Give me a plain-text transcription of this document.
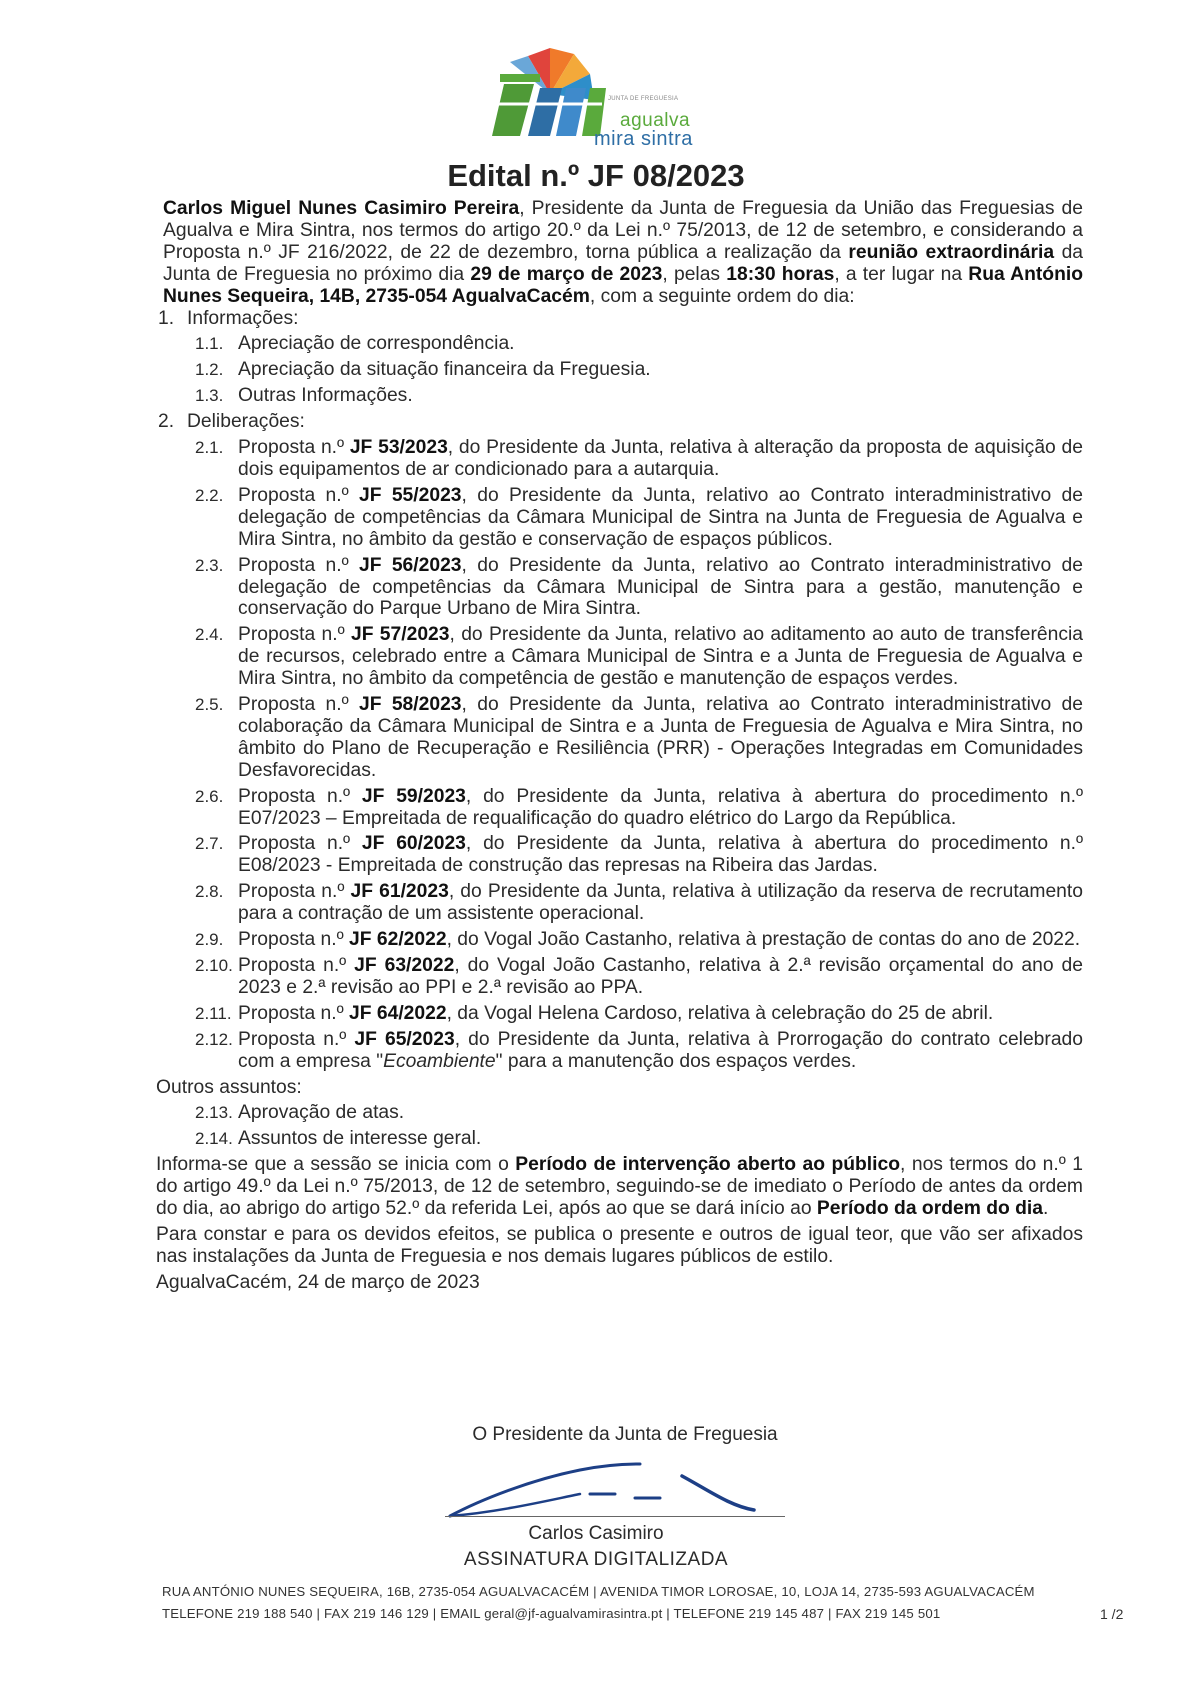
JUNTA DE FREGUESIA
agualva
mira sintra
Edital n.º JF 08/2023

Carlos Miguel Nunes Casimiro Pereira, Presidente da Junta de Freguesia da União das Freguesias de Agualva e Mira Sintra, nos termos do artigo 20.º da Lei n.º 75/2013, de 12 de setembro, e considerando a Proposta n.º JF 216/2022, de 22 de dezembro, torna pública a realização da reunião extraordinária da Junta de Freguesia no próximo dia 29 de março de 2023, pelas 18:30 horas, a ter lugar na Rua António Nunes Sequeira, 14B, 2735-054 AgualvaCacém, com a seguinte ordem do dia:

1. Informações:
1.1. Apreciação de correspondência.
1.2. Apreciação da situação financeira da Freguesia.
1.3. Outras Informações.
2. Deliberações:
2.1. Proposta n.º JF 53/2023, do Presidente da Junta, relativa à alteração da proposta de aquisição de dois equipamentos de ar condicionado para a autarquia.
2.2. Proposta n.º JF 55/2023, do Presidente da Junta, relativo ao Contrato interadministrativo de delegação de competências da Câmara Municipal de Sintra na Junta de Freguesia de Agualva e Mira Sintra, no âmbito da gestão e conservação de espaços públicos.
2.3. Proposta n.º JF 56/2023, do Presidente da Junta, relativo ao Contrato interadministrativo de delegação de competências da Câmara Municipal de Sintra para a gestão, manutenção e conservação do Parque Urbano de Mira Sintra.
2.4. Proposta n.º JF 57/2023, do Presidente da Junta, relativo ao aditamento ao auto de transferência de recursos, celebrado entre a Câmara Municipal de Sintra e a Junta de Freguesia de Agualva e Mira Sintra, no âmbito da competência de gestão e manutenção de espaços verdes.
2.5. Proposta n.º JF 58/2023, do Presidente da Junta, relativa ao Contrato interadministrativo de colaboração da Câmara Municipal de Sintra e a Junta de Freguesia de Agualva e Mira Sintra, no âmbito do Plano de Recuperação e Resiliência (PRR) - Operações Integradas em Comunidades Desfavorecidas.
2.6. Proposta n.º JF 59/2023, do Presidente da Junta, relativa à abertura do procedimento n.º E07/2023 – Empreitada de requalificação do quadro elétrico do Largo da República.
2.7. Proposta n.º JF 60/2023, do Presidente da Junta, relativa à abertura do procedimento n.º E08/2023 - Empreitada de construção das represas na Ribeira das Jardas.
2.8. Proposta n.º JF 61/2023, do Presidente da Junta, relativa à utilização da reserva de recrutamento para a contração de um assistente operacional.
2.9. Proposta n.º JF 62/2022, do Vogal João Castanho, relativa à prestação de contas do ano de 2022.
2.10. Proposta n.º JF 63/2022, do Vogal João Castanho, relativa à 2.ª revisão orçamental do ano de 2023 e 2.ª revisão ao PPI e 2.ª revisão ao PPA.
2.11. Proposta n.º JF 64/2022, da Vogal Helena Cardoso, relativa à celebração do 25 de abril.
2.12. Proposta n.º JF 65/2023, do Presidente da Junta, relativa à Prorrogação do contrato celebrado com a empresa "Ecoambiente" para a manutenção dos espaços verdes.

Outros assuntos:

2.13. Aprovação de atas.
2.14. Assuntos de interesse geral.

Informa-se que a sessão se inicia com o Período de intervenção aberto ao público, nos termos do n.º 1 do artigo 49.º da Lei n.º 75/2013, de 12 de setembro, seguindo-se de imediato o Período de antes da ordem do dia, ao abrigo do artigo 52.º da referida Lei, após ao que se dará início ao Período da ordem do dia.

Para constar e para os devidos efeitos, se publica o presente e outros de igual teor, que vão ser afixados nas instalações da Junta de Freguesia e nos demais lugares públicos de estilo.

AgualvaCacém, 24 de março de 2023

O Presidente da Junta de Freguesia
Carlos Casimiro
ASSINATURA DIGITALIZADA
RUA ANTÓNIO NUNES SEQUEIRA, 16B, 2735-054 AGUALVACACÉM | AVENIDA TIMOR LOROSAE, 10, LOJA 14, 2735-593 AGUALVACACÉM
TELEFONE 219 188 540 | FAX 219 146 129 | EMAIL geral@jf-agualvamirasintra.pt | TELEFONE 219 145 487 | FAX 219 145 501	1 /2
